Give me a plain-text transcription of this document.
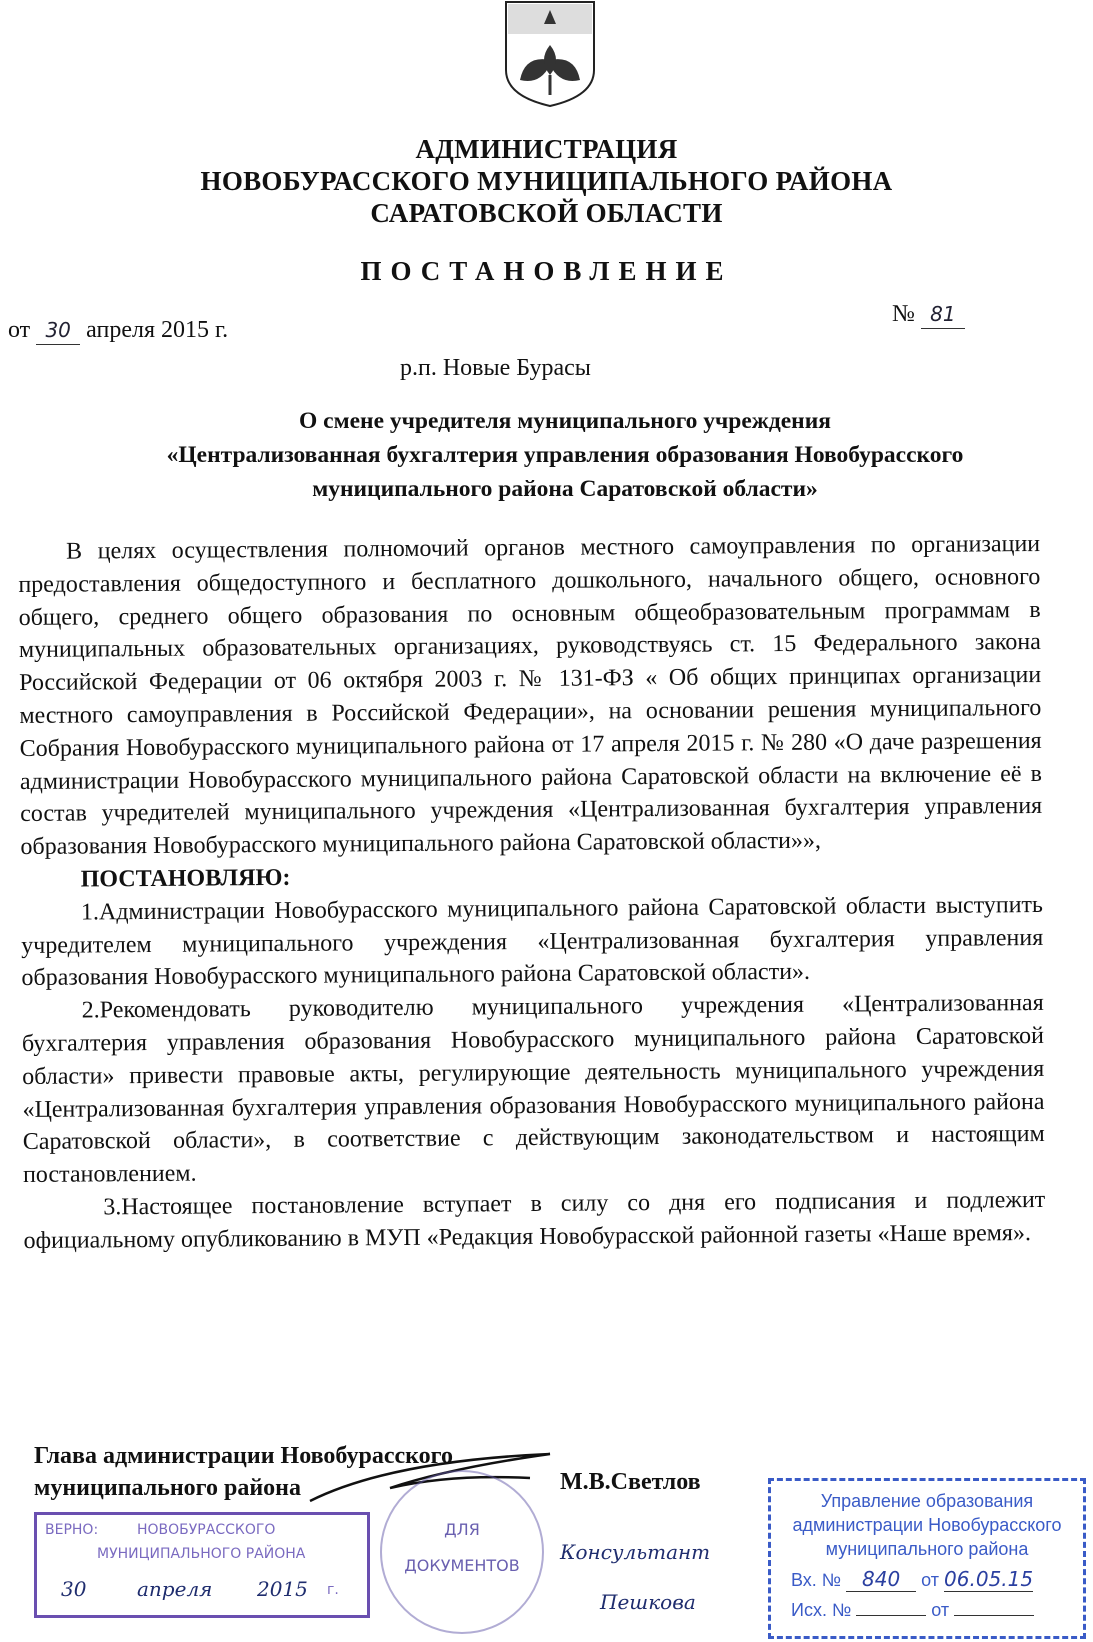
АДМИНИСТРАЦИЯ
НОВОБУРАССКОГО МУНИЦИПАЛЬНОГО РАЙОНА
САРАТОВСКОЙ ОБЛАСТИ
ПОСТАНОВЛЕНИЕ
от 30 апреля 2015 г.
№ 81
р.п. Новые Бурасы
О смене учредителя муниципального учреждения
«Централизованная бухгалтерия управления образования Новобурасского
муниципального района Саратовской области»

В целях осуществления полномочий органов местного самоуправления по организации предоставления общедоступного и бесплатного дошкольного, начального общего, основного общего, среднего общего образования по основным общеобразовательным программам в муниципальных образовательных организациях, руководствуясь ст. 15 Федерального закона Российской Федерации от 06 октября 2003 г. № 131-ФЗ « Об общих принципах организации местного самоуправления в Российской Федерации», на основании решения муниципального Собрания Новобурасского муниципального района от 17 апреля 2015 г. № 280 «О даче разрешения администрации Новобурасского муниципального района Саратовской области на включение её в состав учредителей муниципального учреждения «Централизованная бухгалтерия управления образования Новобурасского муниципального района Саратовской области»»,

ПОСТАНОВЛЯЮ:

1.Администрации Новобурасского муниципального района Саратовской области выступить учредителем муниципального учреждения «Централизованная бухгалтерия управления образования Новобурасского муниципального района Саратовской области».

2.Рекомендовать руководителю муниципального учреждения «Централизованная бухгалтерия управления образования Новобурасского муниципального района Саратовской области» привести правовые акты, регулирующие деятельность муниципального учреждения «Централизованная бухгалтерия управления образования Новобурасского муниципального района Саратовской области», в соответствие с действующим законодательством и настоящим постановлением.

3.Настоящее постановление вступает в силу со дня его подписания и подлежит официальному опубликованию в МУП «Редакция Новобурасской районной газеты «Наше время».

Глава администрации Новобурасского
муниципального района	М.В.Светлов
ВЕРНО:	НОВОБУРАССКОГО
МУНИЦИПАЛЬНОГО РАЙОНА
30	апреля 2015 г.
ДЛЯ
ДОКУМЕНТОВ
Консультант
Пешкова
Управление образования
администрации Новобурасского
муниципального района
Вх. № 840 от 06.05.15
Исх. №	от
